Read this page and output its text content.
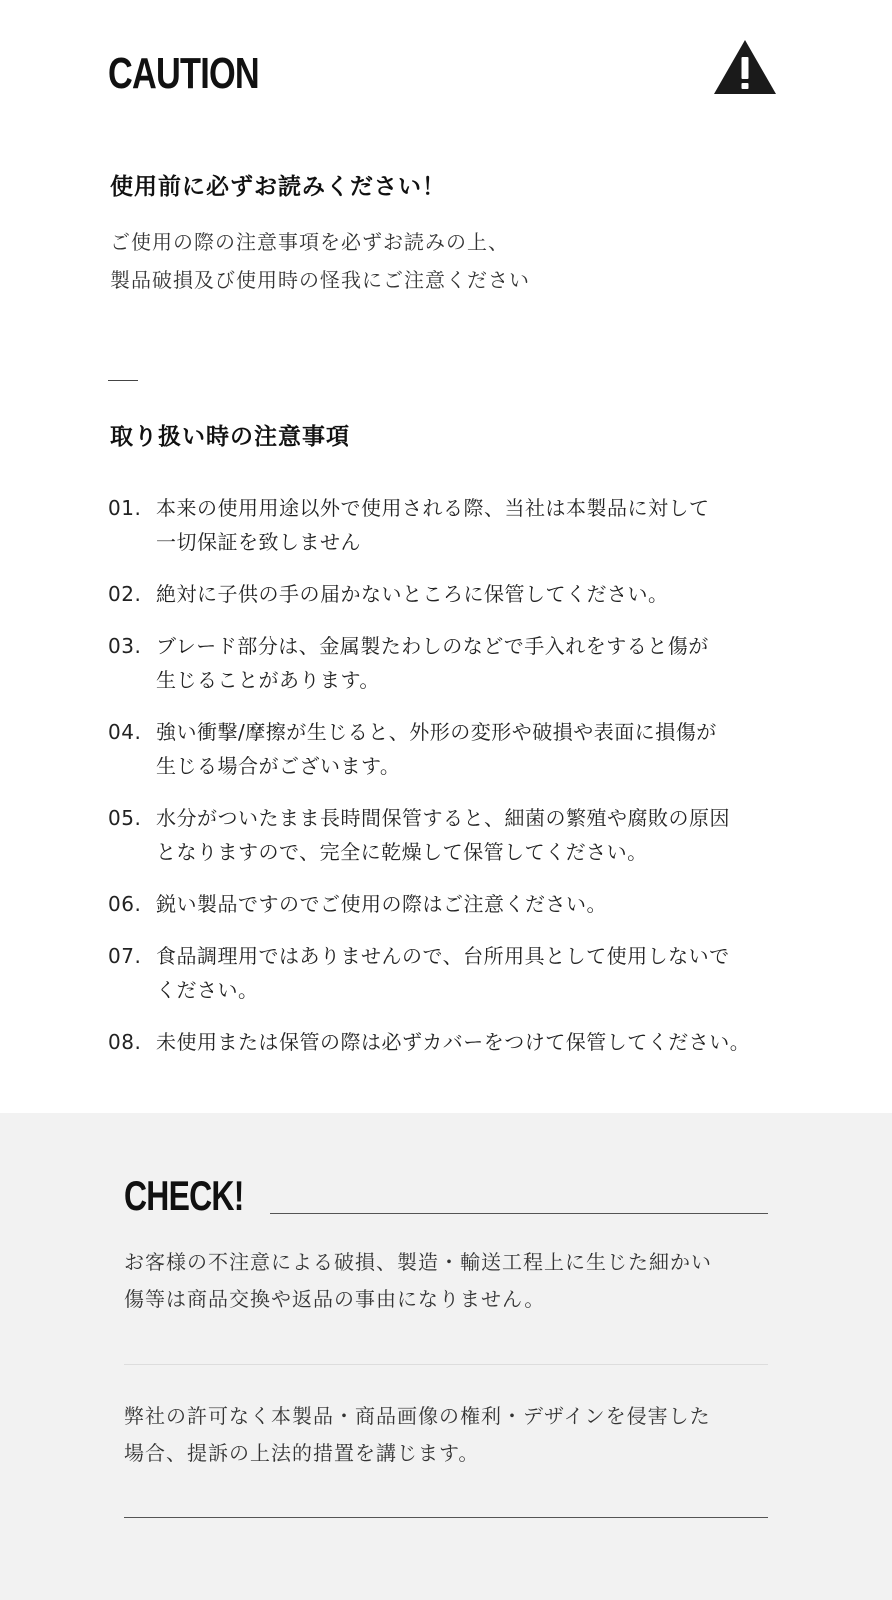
CAUTION
使用前に必ずお読みください！
ご使用の際の注意事項を必ずお読みの上、
製品破損及び使用時の怪我にご注意ください
取り扱い時の注意事項
01. 本来の使用用途以外で使用される際、当社は本製品に対して
一切保証を致しません
02. 絶対に子供の手の届かないところに保管してください。
03. ブレード部分は、金属製たわしのなどで手入れをすると傷が
生じることがあります。
04. 強い衝撃/摩擦が生じると、外形の変形や破損や表面に損傷が
生じる場合がございます。
05. 水分がついたまま長時間保管すると、細菌の繁殖や腐敗の原因
となりますので、完全に乾燥して保管してください。
06. 鋭い製品ですのでご使用の際はご注意ください。
07. 食品調理用ではありませんので、台所用具として使用しないで
ください。
08. 未使用または保管の際は必ずカバーをつけて保管してください。
CHECK!
お客様の不注意による破損、製造・輸送工程上に生じた細かい
傷等は商品交換や返品の事由になりません。
弊社の許可なく本製品・商品画像の権利・デザインを侵害した
場合、提訴の上法的措置を講じます。
